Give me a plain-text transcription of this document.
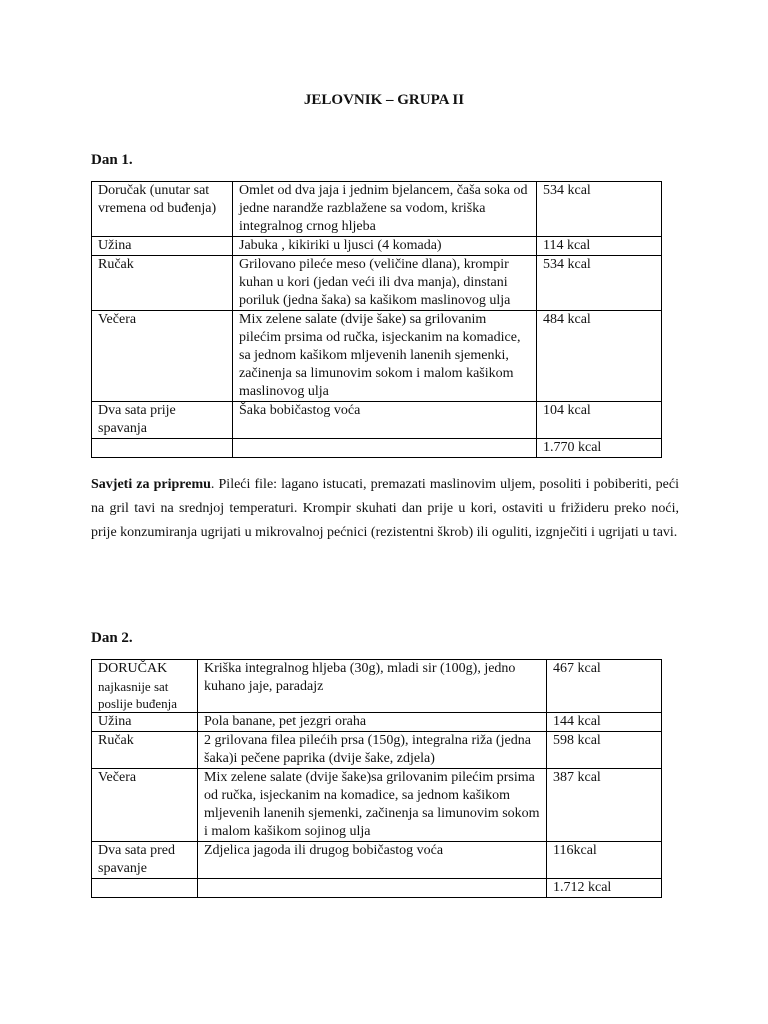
JELOVNIK – GRUPA II
Dan 1.
Doručak (unutar sat vremena od buđenja)	Omlet od dva jaja i jednim bjelancem, čaša soka od jedne narandže razblažene sa vodom, kriška integralnog crnog hljeba	534 kcal
Užina	Jabuka , kikiriki u ljusci (4 komada)	114 kcal
Ručak	Grilovano pileće meso (veličine dlana), krompir kuhan u kori (jedan veći ili dva manja), dinstani poriluk (jedna šaka) sa kašikom maslinovog ulja	534 kcal
Večera	Mix zelene salate (dvije šake) sa grilovanim pilećim prsima od ručka, isjeckanim na komadice, sa jednom kašikom mljevenih lanenih sjemenki, začinenja sa limunovim sokom i malom kašikom maslinovog ulja	484 kcal
Dva sata prije spavanja	Šaka bobičastog voća	104 kcal
		1.770 kcal
Savjeti za pripremu. Pileći file: lagano istucati, premazati maslinovim uljem, posoliti i pobiberiti, peći na gril tavi na srednjoj temperaturi. Krompir skuhati dan prije u kori, ostaviti u frižideru preko noći, prije konzumiranja ugrijati u mikrovalnoj pećnici (rezistentni škrob) ili oguliti, izgnječiti i ugrijati u tavi.
Dan 2.
DORUČAK
najkasnije sat poslije buđenja	Kriška integralnog hljeba (30g), mladi sir (100g), jedno kuhano jaje, paradajz	467 kcal
Užina	Pola banane, pet jezgri oraha	144 kcal
Ručak	2 grilovana filea pilećih prsa (150g), integralna riža (jedna šaka)i pečene paprika (dvije šake, zdjela)	598 kcal
Večera	Mix zelene salate (dvije šake)sa grilovanim pilećim prsima od ručka, isjeckanim na komadice, sa jednom kašikom mljevenih lanenih sjemenki, začinenja sa limunovim sokom i malom kašikom sojinog ulja	387 kcal
Dva sata pred spavanje	Zdjelica jagoda ili drugog bobičastog voća	116kcal
		1.712 kcal
